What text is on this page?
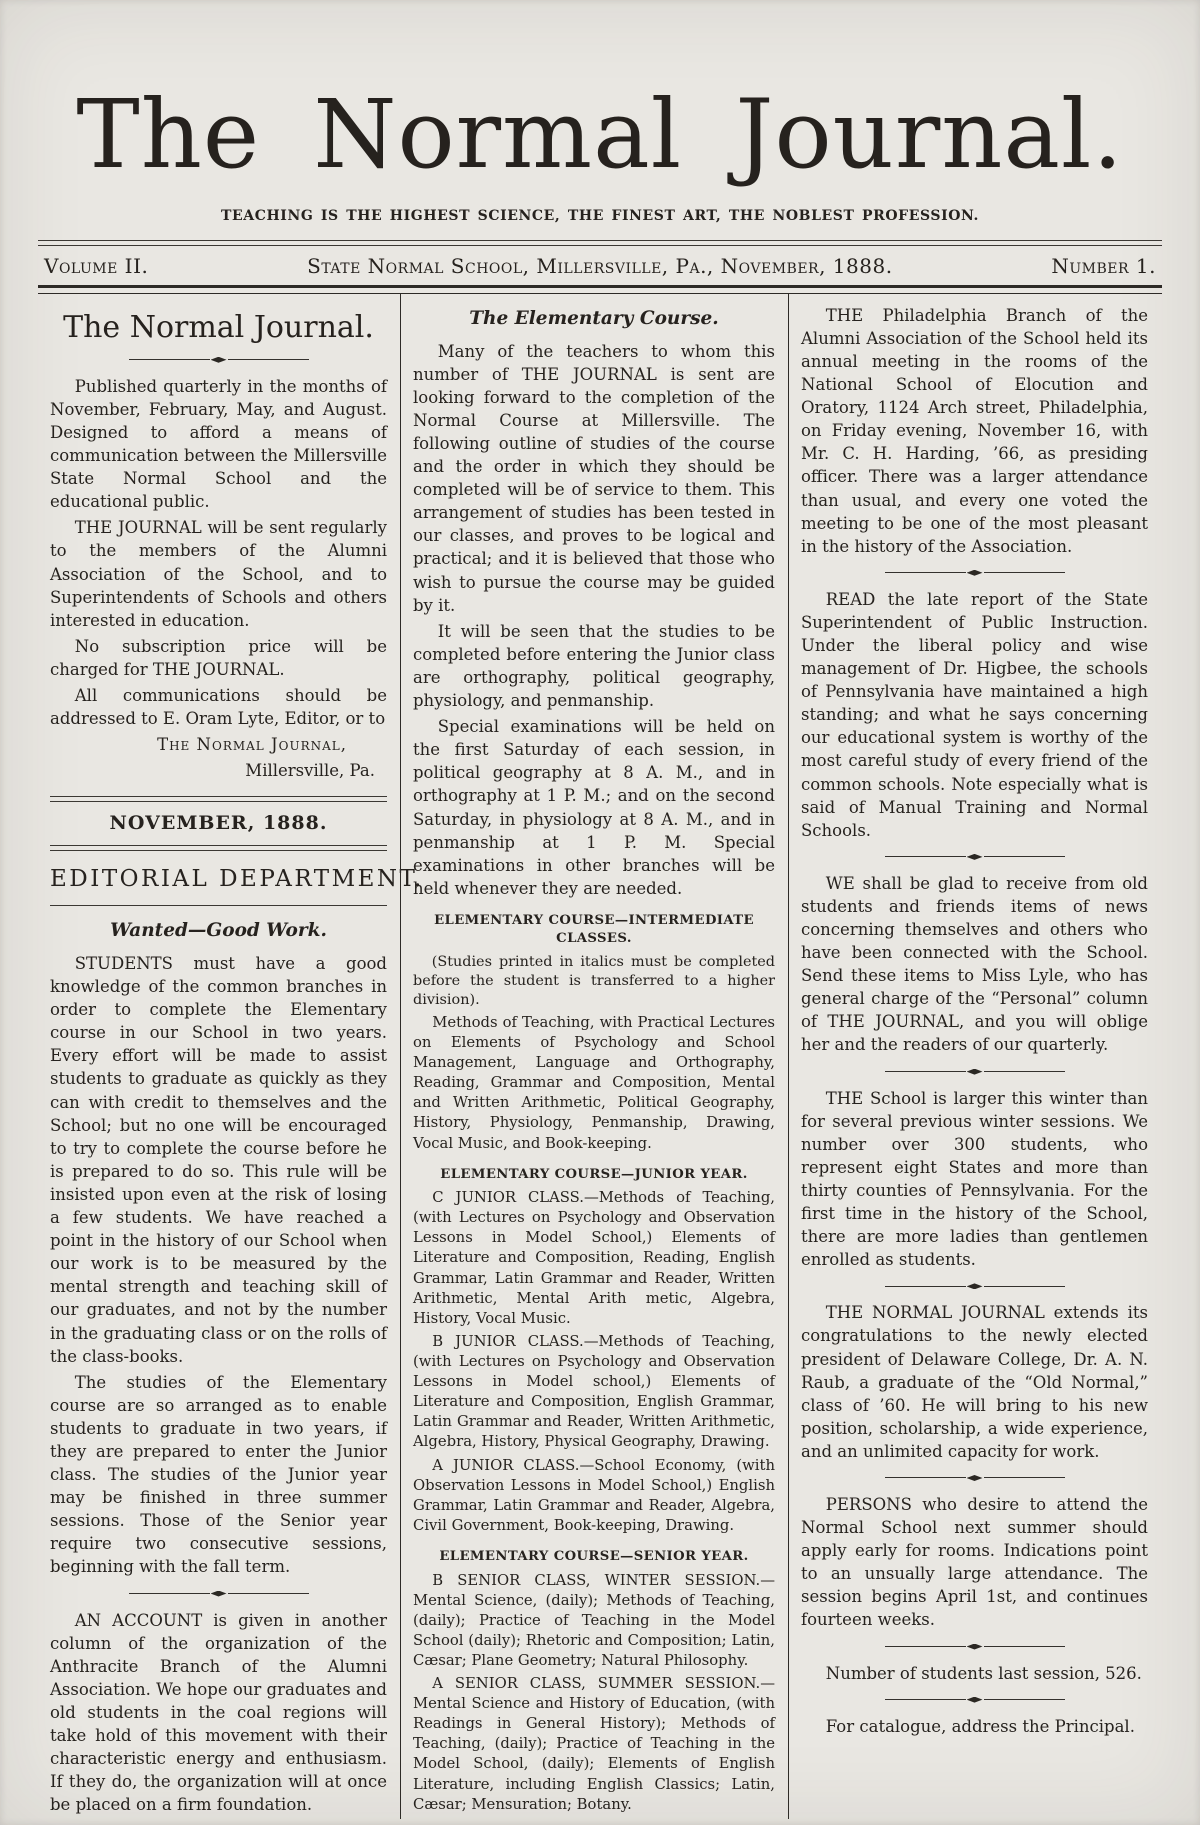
The Normal Journal.
TEACHING IS THE HIGHEST SCIENCE, THE FINEST ART, THE NOBLEST PROFESSION.
Volume II.	State Normal School, Millersville, Pa., November, 1888.	Number 1.
The Normal Journal.

Published quarterly in the months of November, February, May, and August. Designed to afford a means of communication between the Millersville State Normal School and the educational public.

THE JOURNAL will be sent regularly to the members of the Alumni Association of the School, and to Superintendents of Schools and others interested in education.

No subscription price will be charged for THE JOURNAL.

All communications should be addressed to E. Oram Lyte, Editor, or to

The Normal Journal,

Millersville, Pa.

NOVEMBER, 1888.

EDITORIAL DEPARTMENT.

Wanted—Good Work.

STUDENTS must have a good knowledge of the common branches in order to complete the Elementary course in our School in two years. Every effort will be made to assist students to graduate as quickly as they can with credit to themselves and the School; but no one will be encouraged to try to complete the course before he is prepared to do so. This rule will be insisted upon even at the risk of losing a few students. We have reached a point in the history of our School when our work is to be measured by the mental strength and teaching skill of our graduates, and not by the number in the graduating class or on the rolls of the class-books.

The studies of the Elementary course are so arranged as to enable students to graduate in two years, if they are prepared to enter the Junior class. The studies of the Junior year may be finished in three summer sessions. Those of the Senior year require two consecutive sessions, beginning with the fall term.

AN ACCOUNT is given in another column of the organization of the Anthracite Branch of the Alumni Association. We hope our graduates and old students in the coal regions will take hold of this movement with their characteristic energy and enthusiasm. If they do, the organization will at once be placed on a firm foundation.

The Elementary Course.

Many of the teachers to whom this number of THE JOURNAL is sent are looking forward to the completion of the Normal Course at Millersville. The following outline of studies of the course and the order in which they should be completed will be of service to them. This arrangement of studies has been tested in our classes, and proves to be logical and practical; and it is believed that those who wish to pursue the course may be guided by it.

It will be seen that the studies to be completed before entering the Junior class are orthography, political geography, physiology, and penmanship.

Special examinations will be held on the first Saturday of each session, in political geography at 8 A. M., and in orthography at 1 P. M.; and on the second Saturday, in physiology at 8 A. M., and in penmanship at 1 P. M. Special examinations in other branches will be held whenever they are needed.

ELEMENTARY COURSE—INTERMEDIATE CLASSES.

(Studies printed in italics must be completed before the student is transferred to a higher division).

Methods of Teaching, with Practical Lectures on Elements of Psychology and School Management, Language and Orthography, Reading, Grammar and Composition, Mental and Written Arithmetic, Political Geography, History, Physiology, Penmanship, Drawing, Vocal Music, and Book-keeping.

ELEMENTARY COURSE—JUNIOR YEAR.

C JUNIOR CLASS.—Methods of Teaching, (with Lectures on Psychology and Observation Lessons in Model School,) Elements of Literature and Composition, Reading, English Grammar, Latin Grammar and Reader, Written Arithmetic, Mental Arith metic, Algebra, History, Vocal Music.

B JUNIOR CLASS.—Methods of Teaching, (with Lectures on Psychology and Observation Lessons in Model school,) Elements of Literature and Composition, English Grammar, Latin Grammar and Reader, Written Arithmetic, Algebra, History, Physical Geography, Drawing.

A JUNIOR CLASS.—School Economy, (with Observation Lessons in Model School,) English Grammar, Latin Grammar and Reader, Algebra, Civil Government, Book-keeping, Drawing.

ELEMENTARY COURSE—SENIOR YEAR.

B SENIOR CLASS, WINTER SESSION.—Mental Science, (daily); Methods of Teaching, (daily); Practice of Teaching in the Model School (daily); Rhetoric and Composition; Latin, Cæsar; Plane Geometry; Natural Philosophy.

A SENIOR CLASS, SUMMER SESSION.—Mental Science and History of Education, (with Readings in General History); Methods of Teaching, (daily); Practice of Teaching in the Model School, (daily); Elements of English Literature, including English Classics; Latin, Cæsar; Mensuration; Botany.

THE Philadelphia Branch of the Alumni Association of the School held its annual meeting in the rooms of the National School of Elocution and Oratory, 1124 Arch street, Philadelphia, on Friday evening, November 16, with Mr. C. H. Harding, ’66, as presiding officer. There was a larger attendance than usual, and every one voted the meeting to be one of the most pleasant in the history of the Association.

READ the late report of the State Superintendent of Public Instruction. Under the liberal policy and wise management of Dr. Higbee, the schools of Pennsylvania have maintained a high standing; and what he says concerning our educational system is worthy of the most careful study of every friend of the common schools. Note especially what is said of Manual Training and Normal Schools.

WE shall be glad to receive from old students and friends items of news concerning themselves and others who have been connected with the School. Send these items to Miss Lyle, who has general charge of the “Personal” column of THE JOURNAL, and you will oblige her and the readers of our quarterly.

THE School is larger this winter than for several previous winter sessions. We number over 300 students, who represent eight States and more than thirty counties of Pennsylvania. For the first time in the history of the School, there are more ladies than gentlemen enrolled as students.

THE NORMAL JOURNAL extends its congratulations to the newly elected president of Delaware College, Dr. A. N. Raub, a graduate of the “Old Normal,” class of ’60. He will bring to his new position, scholarship, a wide experience, and an unlimited capacity for work.

PERSONS who desire to attend the Normal School next summer should apply early for rooms. Indications point to an unsually large attendance. The session begins April 1st, and continues fourteen weeks.

Number of students last session, 526.

For catalogue, address the Principal.
